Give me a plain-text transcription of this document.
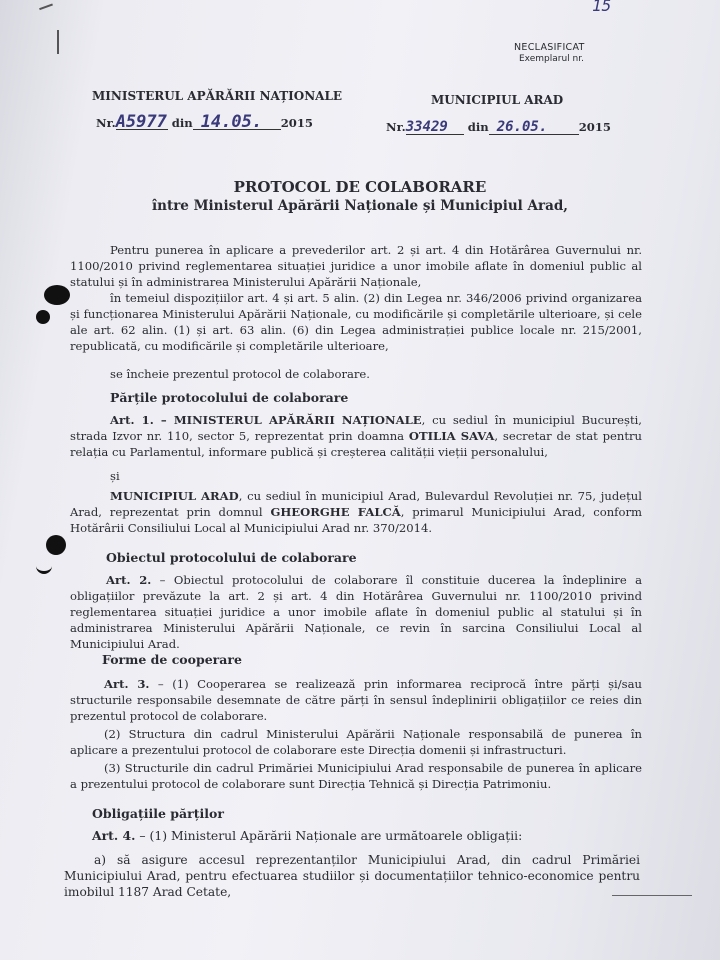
15
NECLASIFICAT
Exemplarul nr.
MINISTERUL APĂRĂRII NAȚIONALE
Nr.A5977 din 14.05. 2015
MUNICIPIUL ARAD
Nr.33429 din 26.05.	2015
PROTOCOL DE COLABORARE
între Ministerul Apărării Naționale și Municipiul Arad,
Pentru punerea în aplicare a prevederilor art. 2 și art. 4 din Hotărârea Guvernului nr. 1100/2010 privind reglementarea situației juridice a unor imobile aflate în domeniul public al statului și în administrarea Ministerului Apărării Naționale,
în temeiul dispozițiilor art. 4 și art. 5 alin. (2) din Legea nr. 346/2006 privind organizarea și funcționarea Ministerului Apărării Naționale, cu modificările și completările ulterioare, și cele ale art. 62 alin. (1) și art. 63 alin. (6) din Legea administrației publice locale nr. 215/2001, republicată, cu modificările și completările ulterioare,
se încheie prezentul protocol de colaborare.
Părțile protocolului de colaborare
Art. 1. – MINISTERUL APĂRĂRII NAȚIONALE, cu sediul în municipiul București, strada Izvor nr. 110, sector 5, reprezentat prin doamna OTILIA SAVA, secretar de stat pentru relația cu Parlamentul, informare publică și creșterea calității vieții personalului,
și
MUNICIPIUL ARAD, cu sediul în municipiul Arad, Bulevardul Revoluției nr. 75, județul Arad, reprezentat prin domnul GHEORGHE FALCĂ, primarul Municipiului Arad, conform Hotărârii Consiliului Local al Municipiului Arad nr. 370/2014.
Obiectul protocolului de colaborare
Art. 2. – Obiectul protocolului de colaborare îl constituie ducerea la îndeplinire a obligațiilor prevăzute la art. 2 și art. 4 din Hotărârea Guvernului nr. 1100/2010 privind reglementarea situației juridice a unor imobile aflate în domeniul public al statului și în administrarea Ministerului Apărării Naționale, ce revin în sarcina Consiliului Local al Municipiului Arad.
Forme de cooperare
Art. 3. – (1) Cooperarea se realizează prin informarea reciprocă între părți și/sau structurile responsabile desemnate de către părți în sensul îndeplinirii obligațiilor ce reies din prezentul protocol de colaborare.
(2) Structura din cadrul Ministerului Apărării Naționale responsabilă de punerea în aplicare a prezentului protocol de colaborare este Direcția domenii și infrastructuri.
(3) Structurile din cadrul Primăriei Municipiului Arad responsabile de punerea în aplicare a prezentului protocol de colaborare sunt Direcția Tehnică și Direcția Patrimoniu.
Obligațiile părților
Art. 4. – (1) Ministerul Apărării Naționale are următoarele obligații:
a) să asigure accesul reprezentanților Municipiului Arad, din cadrul Primăriei Municipiului Arad, pentru efectuarea studiilor și documentațiilor tehnico-economice pentru imobilul 1187 Arad Cetate,
